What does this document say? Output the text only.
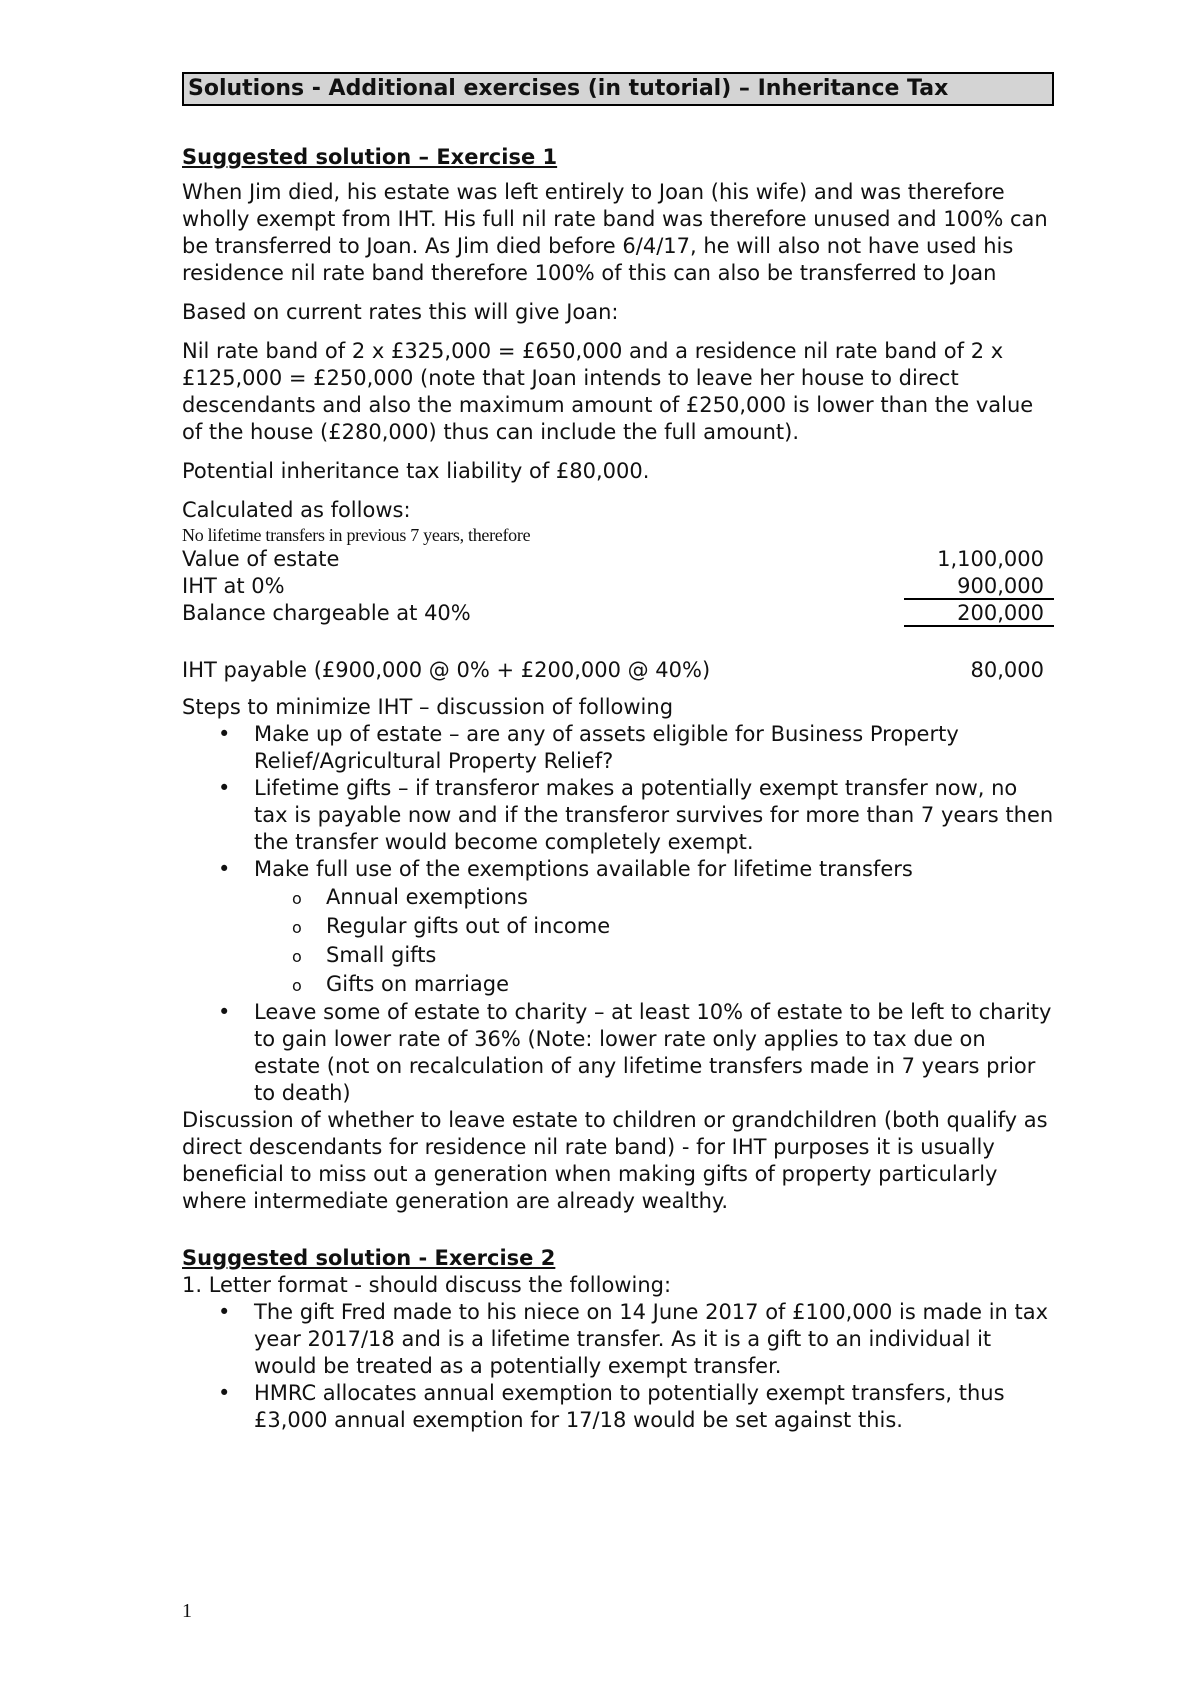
Solutions - Additional exercises (in tutorial) – Inheritance Tax
Suggested solution – Exercise 1

When Jim died, his estate was left entirely to Joan (his wife) and was therefore wholly exempt from IHT. His full nil rate band was therefore unused and 100% can be transferred to Joan. As Jim died before 6/4/17, he will also not have used his residence nil rate band therefore 100% of this can also be transferred to Joan

Based on current rates this will give Joan:

Nil rate band of 2 x £325,000 = £650,000 and a residence nil rate band of 2 x £125,000 = £250,000 (note that Joan intends to leave her house to direct descendants and also the maximum amount of £250,000 is lower than the value of the house (£280,000) thus can include the full amount).

Potential inheritance tax liability of £80,000.

Calculated as follows:

No lifetime transfers in previous 7 years, therefore
Value of estate	1,100,000
IHT at 0%	900,000
Balance chargeable at 40%	200,000
IHT payable (£900,000 @ 0% + £200,000 @ 40%)	80,000
Steps to minimize IHT – discussion of following
• Make up of estate – are any of assets eligible for Business Property Relief/Agricultural Property Relief?
• Lifetime gifts – if transferor makes a potentially exempt transfer now, no tax is payable now and if the transferor survives for more than 7 years then the transfer would become completely exempt.
• Make full use of the exemptions available for lifetime transfers
o Annual exemptions
o Regular gifts out of income
o Small gifts
o Gifts on marriage
• Leave some of estate to charity – at least 10% of estate to be left to charity to gain lower rate of 36% (Note: lower rate only applies to tax due on estate (not on recalculation of any lifetime transfers made in 7 years prior to death)
Discussion of whether to leave estate to children or grandchildren (both qualify as direct descendants for residence nil rate band) - for IHT purposes it is usually beneficial to miss out a generation when making gifts of property particularly where intermediate generation are already wealthy.
Suggested solution - Exercise 2
1. Letter format - should discuss the following:
• The gift Fred made to his niece on 14 June 2017 of £100,000 is made in tax year 2017/18 and is a lifetime transfer. As it is a gift to an individual it would be treated as a potentially exempt transfer.
• HMRC allocates annual exemption to potentially exempt transfers, thus £3,000 annual exemption for 17/18 would be set against this.
1
